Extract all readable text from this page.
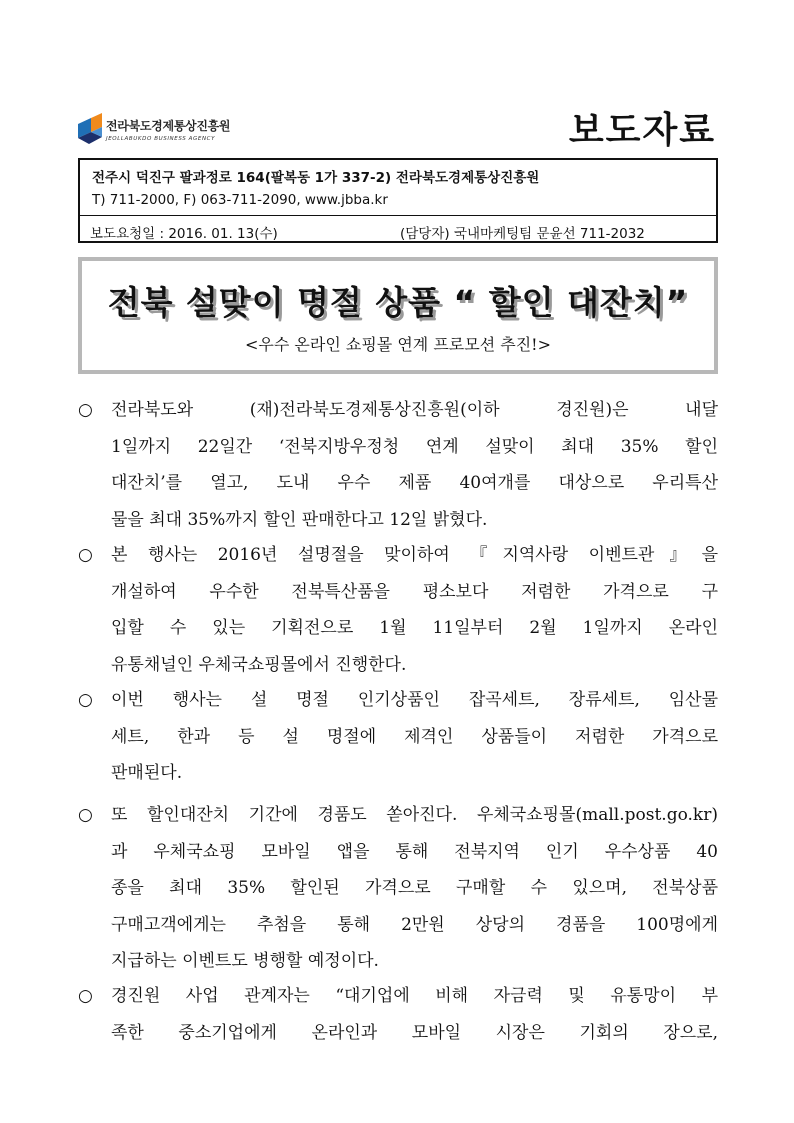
전라북도경제통상진흥원
JEOLLABUKDO BUSINESS AGENCY	보도자료
전주시 덕진구 팔과정로 164(팔복동 1가 337-2) 전라북도경제통상진흥원
T) 711-2000, F) 063-711-2090, www.jbba.kr
보도요청일 : 2016. 01. 13(수)	(담당자) 국내마케팅팀 문윤선 711-2032
전북 설맞이 명절 상품 “ 할인 대잔치”
<우수 온라인 쇼핑몰 연계 프로모션 추진!>
○ 전라북도와 (재)전라북도경제통상진흥원(이하 경진원)은 내달
1일까지 22일간 ‘전북지방우정청 연계 설맞이 최대 35% 할인
대잔치’를 열고, 도내 우수 제품 40여개를 대상으로 우리특산
물을 최대 35%까지 할인 판매한다고 12일 밝혔다.
○ 본 행사는 2016년 설명절을 맞이하여 『지역사랑 이벤트관』을
개설하여 우수한 전북특산품을 평소보다 저렴한 가격으로 구
입할 수 있는 기획전으로 1월 11일부터 2월 1일까지 온라인
유통채널인 우체국쇼핑몰에서 진행한다.
○ 이번 행사는 설 명절 인기상품인 잡곡세트, 장류세트, 임산물
세트, 한과 등 설 명절에 제격인 상품들이 저렴한 가격으로
판매된다.
○ 또 할인대잔치 기간에 경품도 쏟아진다. 우체국쇼핑몰(mall.post.go.kr)
과 우체국쇼핑 모바일 앱을 통해 전북지역 인기 우수상품 40
종을 최대 35% 할인된 가격으로 구매할 수 있으며, 전북상품
구매고객에게는 추첨을 통해 2만원 상당의 경품을 100명에게
지급하는 이벤트도 병행할 예정이다.
○ 경진원 사업 관계자는 “대기업에 비해 자금력 및 유통망이 부
족한 중소기업에게 온라인과 모바일 시장은 기회의 장으로,
